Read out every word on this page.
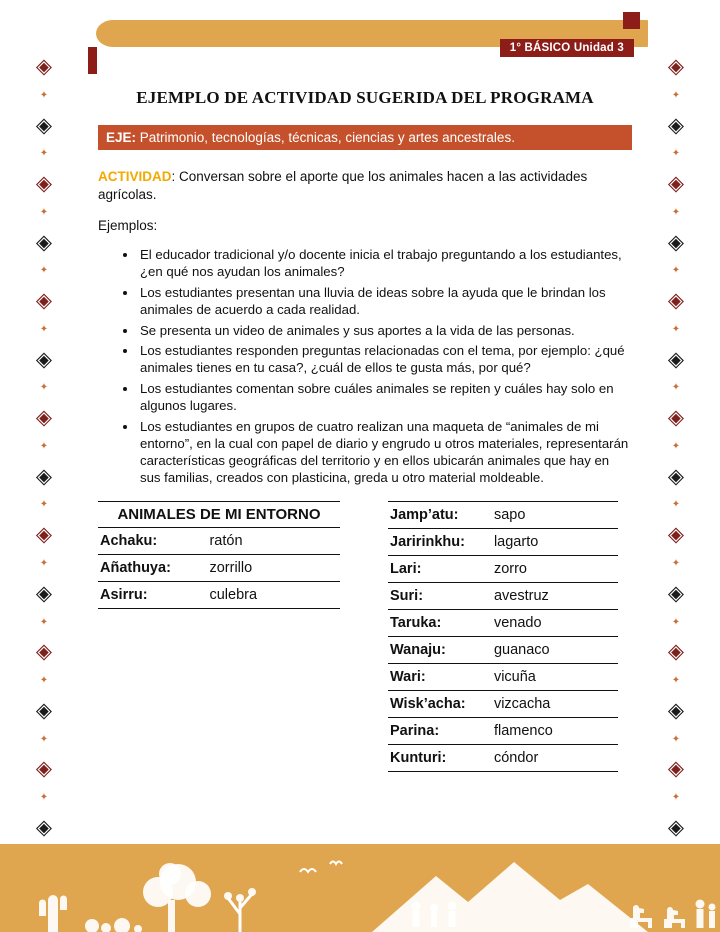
1° BÁSICO Unidad 3
◈
✦
◈
✦
◈
✦
◈
✦
◈
✦
◈
✦
◈
✦
◈
✦
◈
✦
◈
✦
◈
✦
◈
✦
◈
✦
◈
◈
✦
◈
✦
◈
✦
◈
✦
◈
✦
◈
✦
◈
✦
◈
✦
◈
✦
◈
✦
◈
✦
◈
✦
◈
✦
◈
EJEMPLO DE ACTIVIDAD SUGERIDA DEL PROGRAMA
EJE: Patrimonio, tecnologías, técnicas, ciencias y artes ancestrales.

ACTIVIDAD: Conversan sobre el aporte que los animales hacen a las actividades agrícolas.

Ejemplos:

• El educador tradicional y/o docente inicia el trabajo preguntando a los estudiantes, ¿en qué nos ayudan los animales?
• Los estudiantes presentan una lluvia de ideas sobre la ayuda que le brindan los animales de acuerdo a cada realidad.
• Se presenta un video de animales y sus aportes a la vida de las personas.
• Los estudiantes responden preguntas relacionadas con el tema, por ejemplo: ¿qué animales tienes en tu casa?, ¿cuál de ellos te gusta más, por qué?
• Los estudiantes comentan sobre cuáles animales se repiten y cuáles hay solo en algunos lugares.
• Los estudiantes en grupos de cuatro realizan una maqueta de “animales de mi entorno”, en la cual con papel de diario y engrudo u otros materiales, representarán características geográficas del territorio y en ellos ubicarán animales que hay en sus familias, creados con plasticina, greda u otro material moldeable.
ANIMALES DE MI ENTORNO
Achaku:	ratón
Añathuya:	zorrillo
Asirru:	culebra
Jamp’atu:	sapo
Jaririnkhu:	lagarto
Lari:	zorro
Suri:	avestruz
Taruka:	venado
Wanaju:	guanaco
Wari:	vicuña
Wisk’acha:	vizcacha
Parina:	flamenco
Kunturi:	cóndor
